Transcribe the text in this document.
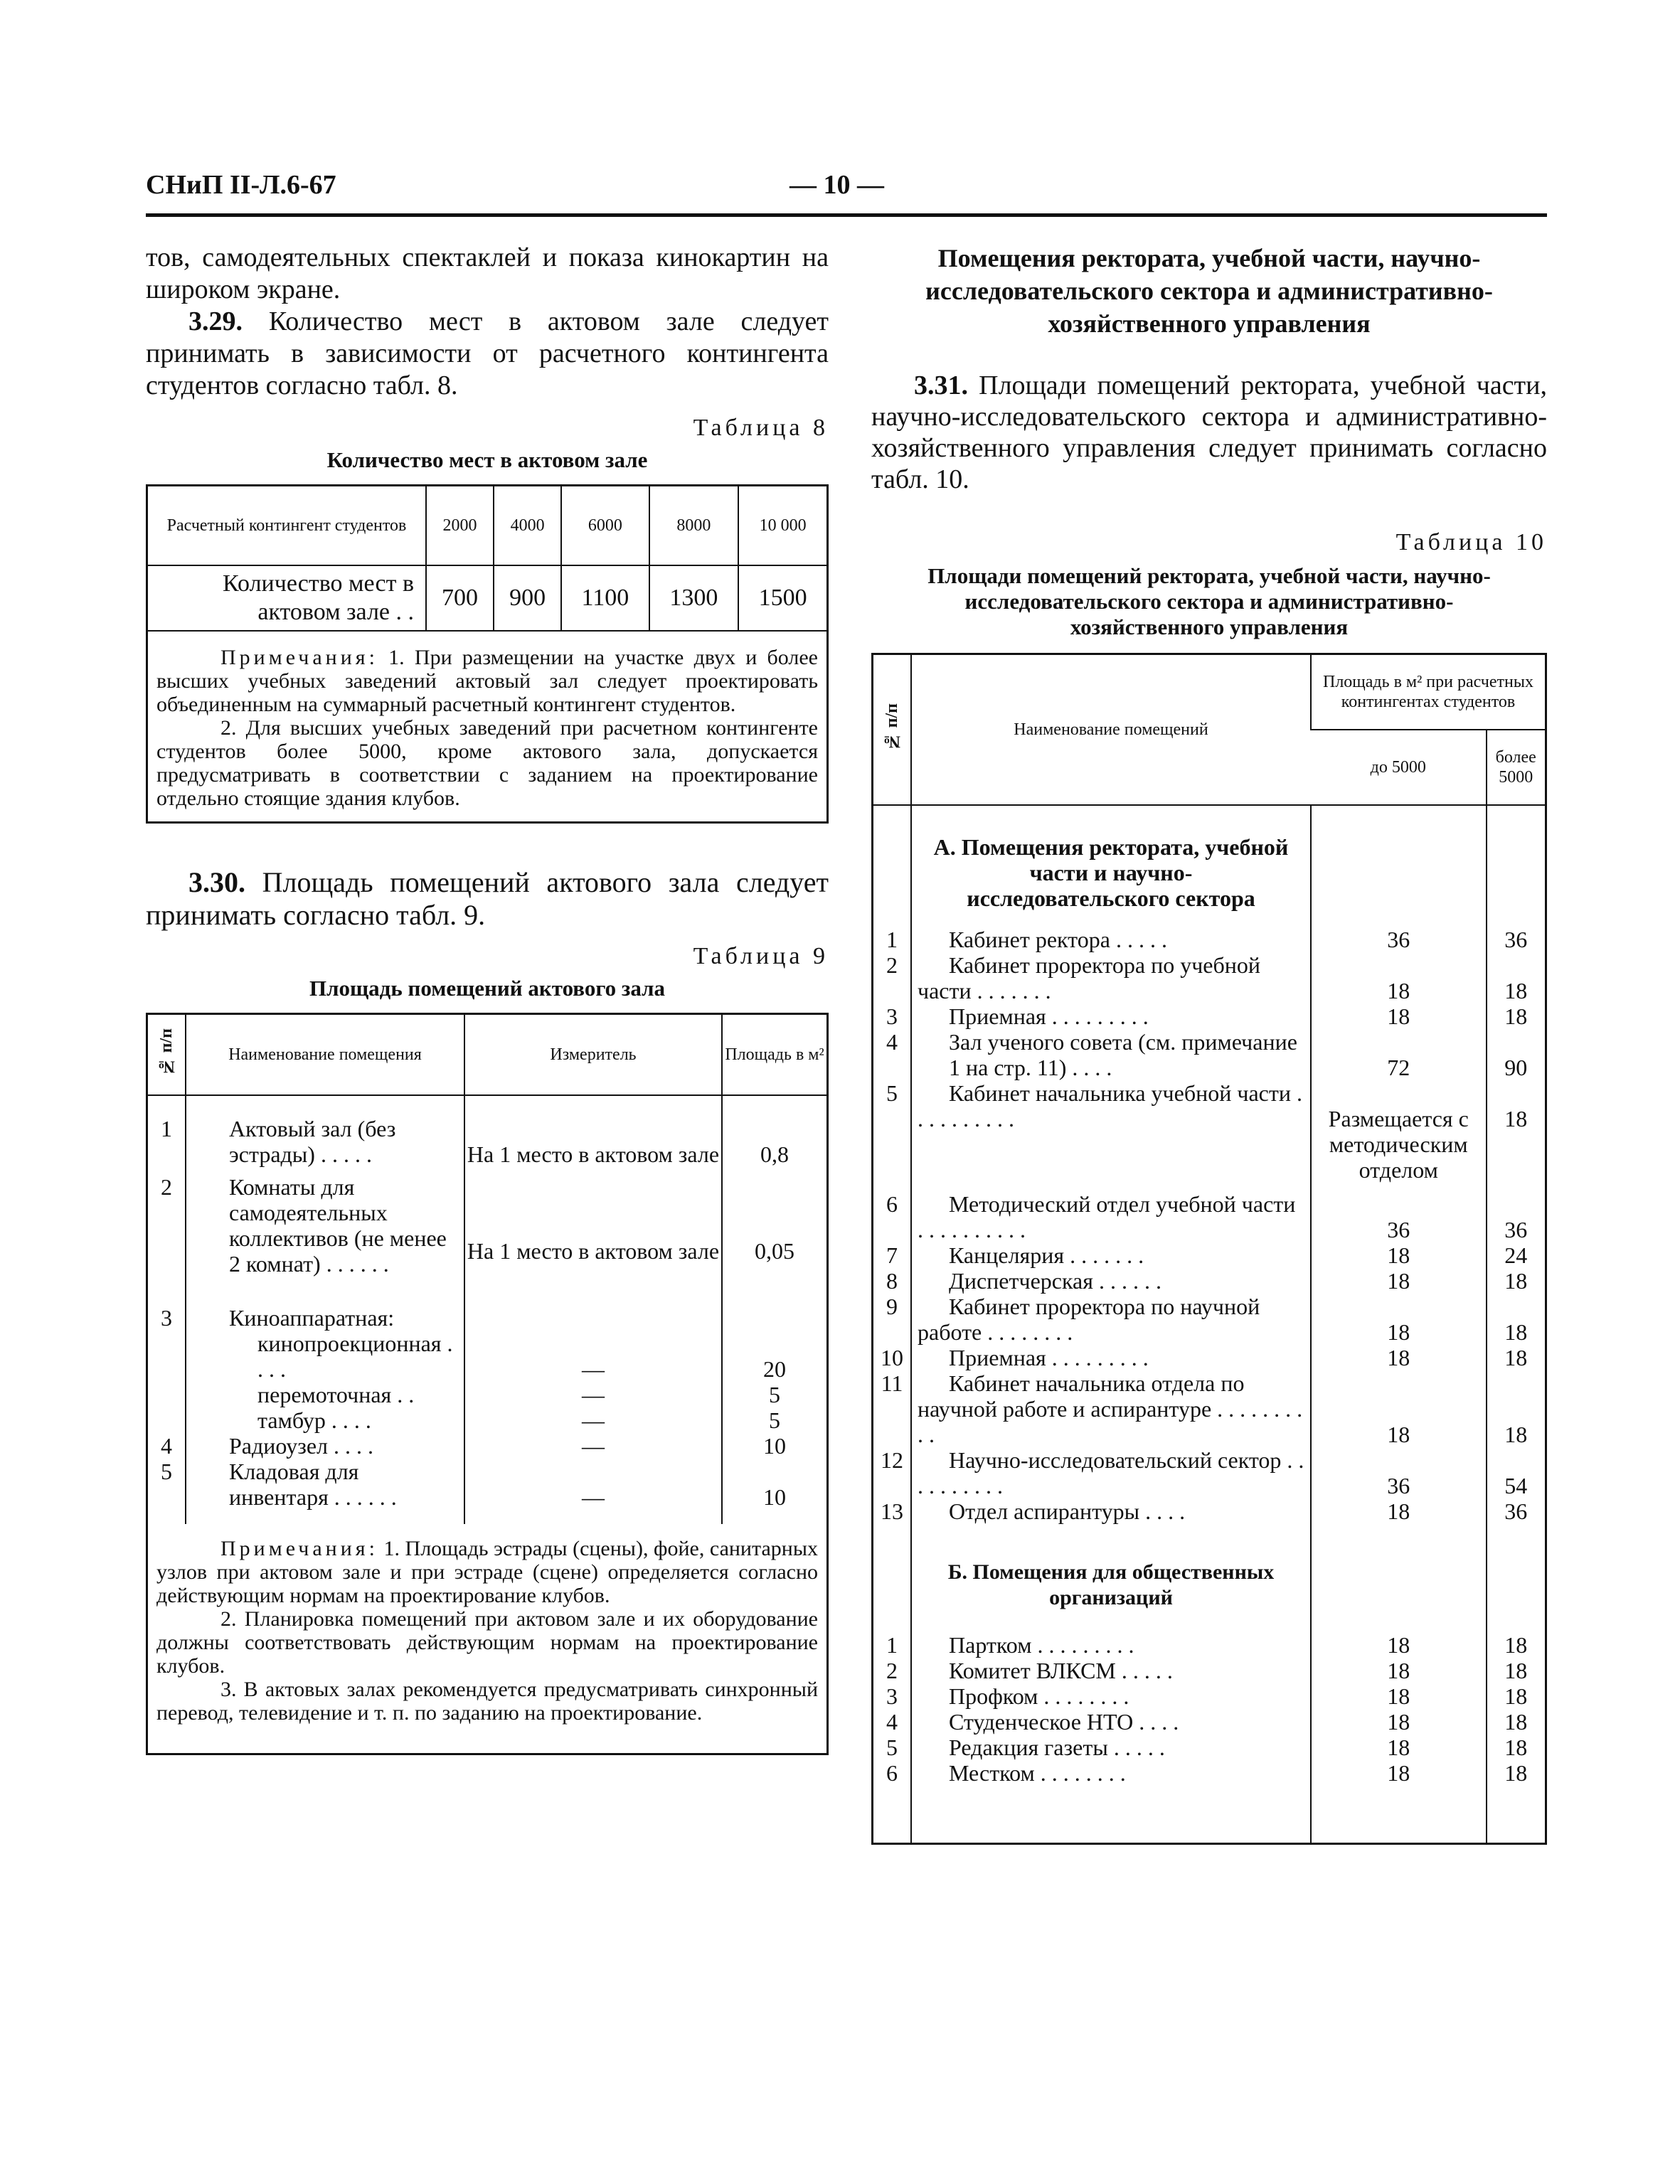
СНиП II-Л.6-67	— 10 —

тов, самодеятельных спектаклей и показа кинокартин на широком экране.

3.29. Количество мест в актовом зале следует принимать в зависимости от расчетного контингента студентов согласно табл. 8.

Таблица 8

Количество мест в актовом зале

Расчетный контингент студентов	2000	4000	6000	8000	10 000
Количество мест в актовом зале . .	700	900	1100	1300	1500

Примечания: 1. При размещении на участке двух и более высших учебных заведений актовый зал следует проектировать объединенным на суммарный расчетный контингент студентов.

2. Для высших учебных заведений при расчетном контингенте студентов более 5000, кроме актового зала, допускается предусматривать в соответствии с заданием на проектирование отдельно стоящие здания клубов.

3.30. Площадь помещений актового зала следует принимать согласно табл. 9.

Таблица 9

Площадь помещений актового зала

№ п/п	Наименование помещения	Измеритель	Площадь в м²
1	Актовый зал (без эстрады) . . . . .	На 1 место в актовом зале	0,8
2	Комнаты для самодеятельных коллективов (не менее 2 комнат) . . . . . .	На 1 место в актовом зале	0,05
3	Киноаппаратная:		
	кинопроекционная . . . .	—	20
	перемоточная . .	—	5
	тамбур . . . .	—	5
4	Радиоузел . . . .	—	10
5	Кладовая для инвентаря . . . . . .	—	10

Примечания: 1. Площадь эстрады (сцены), фойе, санитарных узлов при актовом зале и при эстраде (сцене) определяется согласно действующим нормам на проектирование клубов.

2. Планировка помещений при актовом зале и их оборудование должны соответствовать действующим нормам на проектирование клубов.

3. В актовых залах рекомендуется предусматривать синхронный перевод, телевидение и т. п. по заданию на проектирование.

Помещения ректората, учебной части, научно-исследовательского сектора и административно-хозяйственного управления

3.31. Площади помещений ректората, учебной части, научно-исследовательского сектора и административно-хозяйственного управления следует принимать согласно табл. 10.

Таблица 10

Площади помещений ректората, учебной части, научно-исследовательского сектора и административно-хозяйственного управления

№ п/п	Наименование помещений	Площадь в м² при расчетных контингентах студентов	
		до 5000	более 5000
	А. Помещения ректората, учебной части и научно-исследовательского сектора		
1	Кабинет ректора . . . . .	36	36
2	Кабинет проректора по учебной части . . . . . . .	18	18
3	Приемная . . . . . . . . .	18	18
4	Зал ученого совета (см. примечание 1 на стр. 11) . . . .	72	90
5	Кабинет начальника учебной части . . . . . . . . . .	Размещается с методическим отделом	18
6	Методический отдел учебной части . . . . . . . . . .	36	36
7	Канцелярия . . . . . . .	18	24
8	Диспетчерская . . . . . .	18	18
9	Кабинет проректора по научной работе . . . . . . . .	18	18
10	Приемная . . . . . . . . .	18	18
11	Кабинет начальника отдела по научной работе и аспирантуре . . . . . . . . . .	18	18
12	Научно-исследовательский сектор . . . . . . . . . .	36	54
13	Отдел аспирантуры . . . .	18	36
	Б. Помещения для общественных организаций		
1	Партком . . . . . . . . .	18	18
2	Комитет ВЛКСМ . . . . .	18	18
3	Профком . . . . . . . .	18	18
4	Студенческое НТО . . . .	18	18
5	Редакция газеты . . . . .	18	18
6	Местком . . . . . . . .	18	18
